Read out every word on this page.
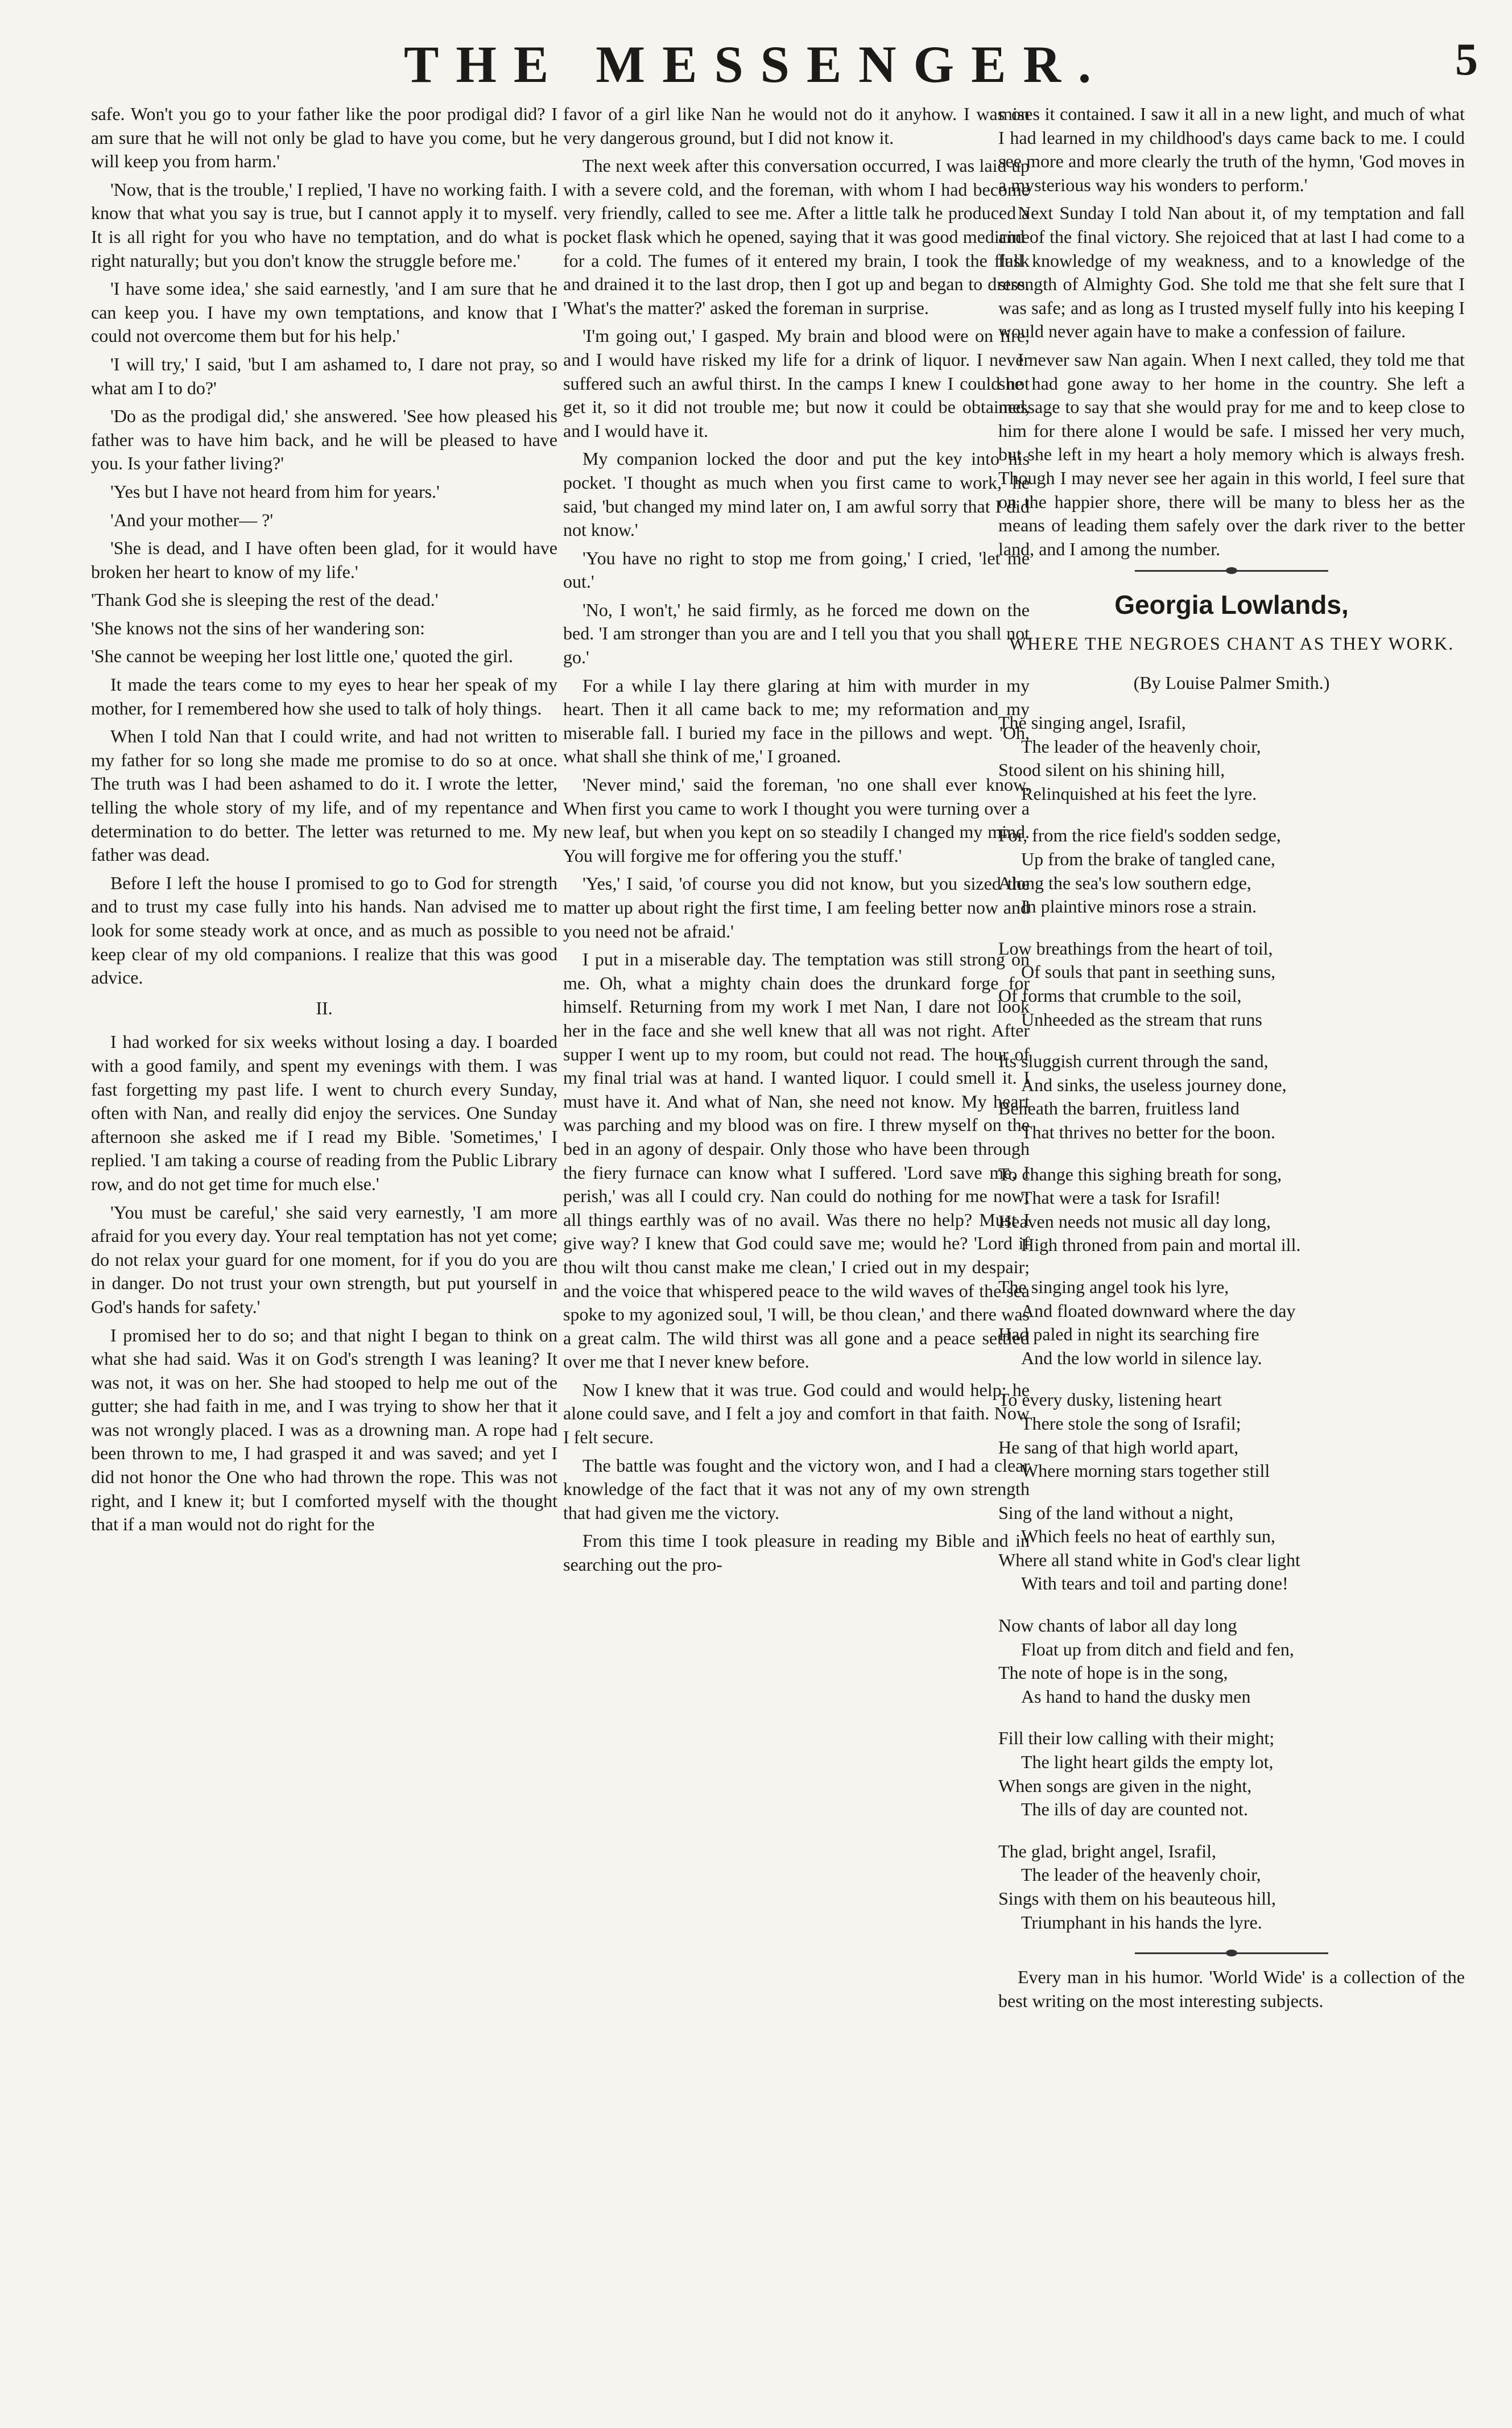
THE MESSENGER.	5

safe. Won't you go to your father like the poor prodigal did? I am sure that he will not only be glad to have you come, but he will keep you from harm.'

'Now, that is the trouble,' I replied, 'I have no working faith. I know that what you say is true, but I cannot apply it to myself. It is all right for you who have no temptation, and do what is right naturally; but you don't know the struggle before me.'

'I have some idea,' she said earnestly, 'and I am sure that he can keep you. I have my own temptations, and know that I could not overcome them but for his help.'

'I will try,' I said, 'but I am ashamed to, I dare not pray, so what am I to do?'

'Do as the prodigal did,' she answered. 'See how pleased his father was to have him back, and he will be pleased to have you. Is your father living?'

'Yes but I have not heard from him for years.'

'And your mother— ?'

'She is dead, and I have often been glad, for it would have broken her heart to know of my life.'

'Thank God she is sleeping the rest of the dead.'

'She knows not the sins of her wandering son:

'She cannot be weeping her lost little one,' quoted the girl.

It made the tears come to my eyes to hear her speak of my mother, for I remembered how she used to talk of holy things.

When I told Nan that I could write, and had not written to my father for so long she made me promise to do so at once. The truth was I had been ashamed to do it. I wrote the letter, telling the whole story of my life, and of my repentance and determination to do better. The letter was returned to me. My father was dead.

Before I left the house I promised to go to God for strength and to trust my case fully into his hands. Nan advised me to look for some steady work at once, and as much as possible to keep clear of my old companions. I realize that this was good advice.

II.

I had worked for six weeks without losing a day. I boarded with a good family, and spent my evenings with them. I was fast forgetting my past life. I went to church every Sunday, often with Nan, and really did enjoy the services. One Sunday afternoon she asked me if I read my Bible. 'Sometimes,' I replied. 'I am taking a course of reading from the Public Library row, and do not get time for much else.'

'You must be careful,' she said very earnestly, 'I am more afraid for you every day. Your real temptation has not yet come; do not relax your guard for one moment, for if you do you are in danger. Do not trust your own strength, but put yourself in God's hands for safety.'

I promised her to do so; and that night I began to think on what she had said. Was it on God's strength I was leaning? It was not, it was on her. She had stooped to help me out of the gutter; she had faith in me, and I was trying to show her that it was not wrongly placed. I was as a drowning man. A rope had been thrown to me, I had grasped it and was saved; and yet I did not honor the One who had thrown the rope. This was not right, and I knew it; but I comforted myself with the thought that if a man would not do right for the

favor of a girl like Nan he would not do it anyhow. I was on very dangerous ground, but I did not know it.

The next week after this conversation occurred, I was laid up with a severe cold, and the foreman, with whom I had become very friendly, called to see me. After a little talk he produced a pocket flask which he opened, saying that it was good medicine for a cold. The fumes of it entered my brain, I took the flask and drained it to the last drop, then I got up and began to dress. 'What's the matter?' asked the foreman in surprise.

'I'm going out,' I gasped. My brain and blood were on fire, and I would have risked my life for a drink of liquor. I never suffered such an awful thirst. In the camps I knew I could not get it, so it did not trouble me; but now it could be obtained, and I would have it.

My companion locked the door and put the key into his pocket. 'I thought as much when you first came to work,' he said, 'but changed my mind later on, I am awful sorry that I did not know.'

'You have no right to stop me from going,' I cried, 'let me out.'

'No, I won't,' he said firmly, as he forced me down on the bed. 'I am stronger than you are and I tell you that you shall not go.'

For a while I lay there glaring at him with murder in my heart. Then it all came back to me; my reformation and my miserable fall. I buried my face in the pillows and wept. 'Oh, what shall she think of me,' I groaned.

'Never mind,' said the foreman, 'no one shall ever know. When first you came to work I thought you were turning over a new leaf, but when you kept on so steadily I changed my mind. You will forgive me for offering you the stuff.'

'Yes,' I said, 'of course you did not know, but you sized the matter up about right the first time, I am feeling better now and you need not be afraid.'

I put in a miserable day. The temptation was still strong on me. Oh, what a mighty chain does the drunkard forge for himself. Returning from my work I met Nan, I dare not look her in the face and she well knew that all was not right. After supper I went up to my room, but could not read. The hour of my final trial was at hand. I wanted liquor. I could smell it. I must have it. And what of Nan, she need not know. My heart was parching and my blood was on fire. I threw myself on the bed in an agony of despair. Only those who have been through the fiery furnace can know what I suffered. 'Lord save me, I perish,' was all I could cry. Nan could do nothing for me now; all things earthly was of no avail. Was there no help? Must I give way? I knew that God could save me; would he? 'Lord if thou wilt thou canst make me clean,' I cried out in my despair; and the voice that whispered peace to the wild waves of the sea spoke to my agonized soul, 'I will, be thou clean,' and there was a great calm. The wild thirst was all gone and a peace settled over me that I never knew before.

Now I knew that it was true. God could and would help; he alone could save, and I felt a joy and comfort in that faith. Now I felt secure.

The battle was fought and the victory won, and I had a clear knowledge of the fact that it was not any of my own strength that had given me the victory.

From this time I took pleasure in reading my Bible and in searching out the pro-

mises it contained. I saw it all in a new light, and much of what I had learned in my childhood's days came back to me. I could see more and more clearly the truth of the hymn, 'God moves in a mysterious way his wonders to perform.'

Next Sunday I told Nan about it, of my temptation and fall and of the final victory. She rejoiced that at last I had come to a full knowledge of my weakness, and to a knowledge of the strength of Almighty God. She told me that she felt sure that I was safe; and as long as I trusted myself fully into his keeping I would never again have to make a confession of failure.

I never saw Nan again. When I next called, they told me that she had gone away to her home in the country. She left a message to say that she would pray for me and to keep close to him for there alone I would be safe. I missed her very much, but she left in my heart a holy memory which is always fresh. Though I may never see her again in this world, I feel sure that on the happier shore, there will be many to bless her as the means of leading them safely over the dark river to the better land, and I among the number.

Georgia Lowlands,
WHERE THE NEGROES CHANT AS THEY WORK.
(By Louise Palmer Smith.)
The singing angel, Israfil,
The leader of the heavenly choir,
Stood silent on his shining hill,
Relinquished at his feet the lyre.
For, from the rice field's sodden sedge,
Up from the brake of tangled cane,
Along the sea's low southern edge,
In plaintive minors rose a strain.
Low breathings from the heart of toil,
Of souls that pant in seething suns,
Of forms that crumble to the soil,
Unheeded as the stream that runs
Its sluggish current through the sand,
And sinks, the useless journey done,
Beneath the barren, fruitless land
That thrives no better for the boon.
To change this sighing breath for song,
That were a task for Israfil!
Heaven needs not music all day long,
High throned from pain and mortal ill.
The singing angel took his lyre,
And floated downward where the day
Had paled in night its searching fire
And the low world in silence lay.
To every dusky, listening heart
There stole the song of Israfil;
He sang of that high world apart,
Where morning stars together still
Sing of the land without a night,
Which feels no heat of earthly sun,
Where all stand white in God's clear light
With tears and toil and parting done!
Now chants of labor all day long
Float up from ditch and field and fen,
The note of hope is in the song,
As hand to hand the dusky men
Fill their low calling with their might;
The light heart gilds the empty lot,
When songs are given in the night,
The ills of day are counted not.
The glad, bright angel, Israfil,
The leader of the heavenly choir,
Sings with them on his beauteous hill,
Triumphant in his hands the lyre.

Every man in his humor. 'World Wide' is a collection of the best writing on the most interesting subjects.
